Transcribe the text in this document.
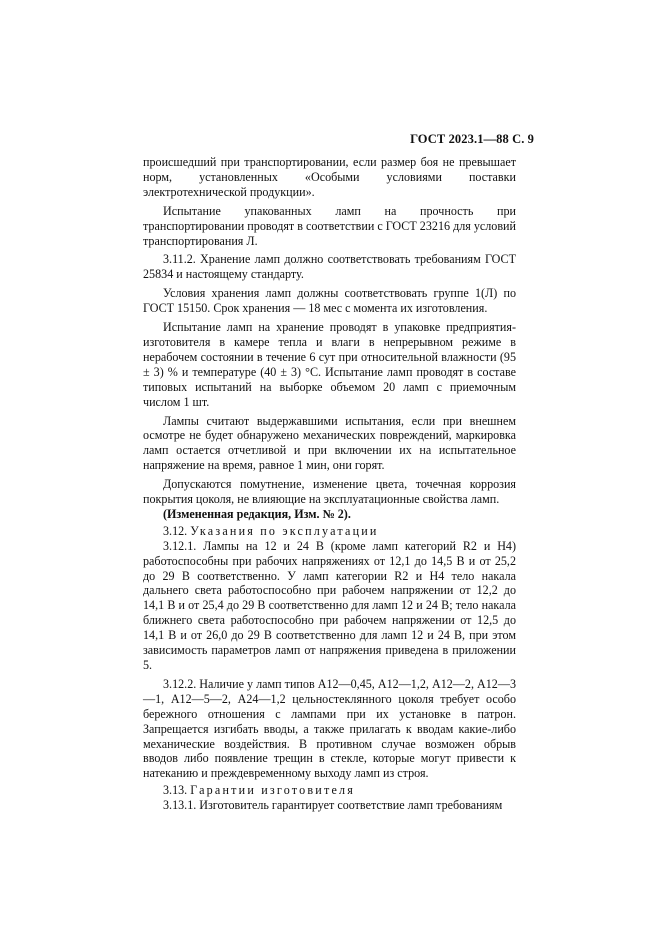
ГОСТ 2023.1—88 С. 9

происшедший при транспортировании, если размер боя не превышает норм, установленных «Особыми условиями поставки электротехнической продукции».

Испытание упакованных ламп на прочность при транспортировании проводят в соответствии с ГОСТ 23216 для условий транспортирования Л.

3.11.2. Хранение ламп должно соответствовать требованиям ГОСТ 25834 и настоящему стандарту.

Условия хранения ламп должны соответствовать группе 1(Л) по ГОСТ 15150. Срок хранения — 18 мес с момента их изготовления.

Испытание ламп на хранение проводят в упаковке предприятия-изготовителя в камере тепла и влаги в непрерывном режиме в нерабочем состоянии в течение 6 сут при относительной влажности (95 ± 3) % и температуре (40 ± 3) °С. Испытание ламп проводят в составе типовых испытаний на выборке объемом 20 ламп с приемочным числом 1 шт.

Лампы считают выдержавшими испытания, если при внешнем осмотре не будет обнаружено механических повреждений, маркировка ламп остается отчетливой и при включении их на испытательное напряжение на время, равное 1 мин, они горят.

Допускаются помутнение, изменение цвета, точечная коррозия покрытия цоколя, не влияющие на эксплуатационные свойства ламп.

(Измененная редакция, Изм. № 2).

3.12. Указания по эксплуатации

3.12.1. Лампы на 12 и 24 В (кроме ламп категорий R2 и Н4) работоспособны при рабочих напряжениях от 12,1 до 14,5 В и от 25,2 до 29 В соответственно. У ламп категории R2 и Н4 тело накала дальнего света работоспособно при рабочем напряжении от 12,2 до 14,1 В и от 25,4 до 29 В соответственно для ламп 12 и 24 В; тело накала ближнего света работоспособно при рабочем напряжении от 12,5 до 14,1 В и от 26,0 до 29 В соответственно для ламп 12 и 24 В, при этом зависимость параметров ламп от напряжения приведена в приложении 5.

3.12.2. Наличие у ламп типов А12—0,45, А12—1,2, А12—2, А12—3—1, А12—5—2, А24—1,2 цельностеклянного цоколя требует особо бережного отношения с лампами при их установке в патрон. Запрещается изгибать вводы, а также прилагать к вводам какие-либо механические воздействия. В противном случае возможен обрыв вводов либо появление трещин в стекле, которые могут привести к натеканию и преждевременному выходу ламп из строя.

3.13. Гарантии изготовителя

3.13.1. Изготовитель гарантирует соответствие ламп требованиям
